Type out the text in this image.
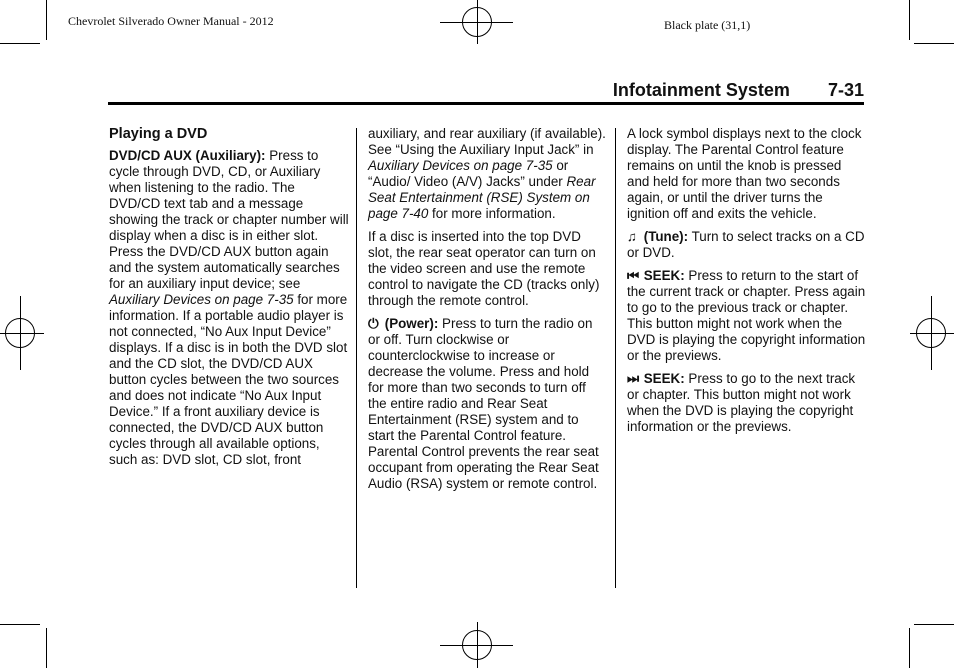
Chevrolet Silverado Owner Manual - 2012	Black plate (31,1)
Infotainment System 7-31
Playing a DVD

DVD/CD AUX (Auxiliary): Press to cycle through DVD, CD, or Auxiliary when listening to the radio. The DVD/CD text tab and a message showing the track or chapter number will display when a disc is in either slot. Press the DVD/CD AUX button again and the system automatically searches for an auxiliary input device; see Auxiliary Devices on page 7-35 for more information. If a portable audio player is not connected, “No Aux Input Device” displays. If a disc is in both the DVD slot and the CD slot, the DVD/CD AUX button cycles between the two sources and does not indicate “No Aux Input Device.” If a front auxiliary device is connected, the DVD/CD AUX button cycles through all available options, such as: DVD slot, CD slot, front

auxiliary, and rear auxiliary (if available). See “Using the Auxiliary Input Jack” in Auxiliary Devices on page 7-35 or “Audio/ Video (A/V) Jacks” under Rear Seat Entertainment (RSE) System on page 7-40 for more information.

If a disc is inserted into the top DVD slot, the rear seat operator can turn on the video screen and use the remote control to navigate the CD (tracks only) through the remote control.

⏻ (Power): Press to turn the radio on or off. Turn clockwise or counterclockwise to increase or decrease the volume. Press and hold for more than two seconds to turn off the entire radio and Rear Seat Entertainment (RSE) system and to start the Parental Control feature. Parental Control prevents the rear seat occupant from operating the Rear Seat Audio (RSA) system or remote control.

A lock symbol displays next to the clock display. The Parental Control feature remains on until the knob is pressed and held for more than two seconds again, or until the driver turns the ignition off and exits the vehicle.

♫ (Tune): Turn to select tracks on a CD or DVD.

⏮ SEEK: Press to return to the start of the current track or chapter. Press again to go to the previous track or chapter. This button might not work when the DVD is playing the copyright information or the previews.

⏭ SEEK: Press to go to the next track or chapter. This button might not work when the DVD is playing the copyright information or the previews.
